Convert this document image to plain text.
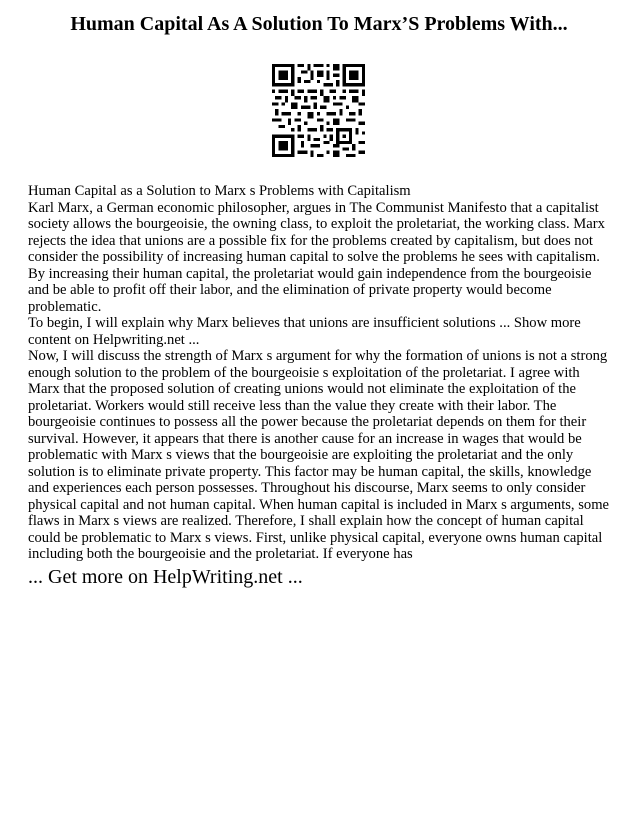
Human Capital As A Solution To Marx’S Problems With...

Human Capital as a Solution to Marx s Problems with Capitalism

Karl Marx, a German economic philosopher, argues in The Communist Manifesto that a capitalist society allows the bourgeoisie, the owning class, to exploit the proletariat, the working class. Marx rejects the idea that unions are a possible fix for the problems created by capitalism, but does not consider the possibility of increasing human capital to solve the problems he sees with capitalism. By increasing their human capital, the proletariat would gain independence from the bourgeoisie and be able to profit off their labor, and the elimination of private property would become problematic.

To begin, I will explain why Marx believes that unions are insufficient solutions ... Show more content on Helpwriting.net ...

Now, I will discuss the strength of Marx s argument for why the formation of unions is not a strong enough solution to the problem of the bourgeoisie s exploitation of the proletariat. I agree with Marx that the proposed solution of creating unions would not eliminate the exploitation of the proletariat. Workers would still receive less than the value they create with their labor. The bourgeoisie continues to possess all the power because the proletariat depends on them for their survival. However, it appears that there is another cause for an increase in wages that would be problematic with Marx s views that the bourgeoisie are exploiting the proletariat and the only solution is to eliminate private property. This factor may be human capital, the skills, knowledge and experiences each person possesses. Throughout his discourse, Marx seems to only consider physical capital and not human capital. When human capital is included in Marx s arguments, some flaws in Marx s views are realized. Therefore, I shall explain how the concept of human capital could be problematic to Marx s views. First, unlike physical capital, everyone owns human capital including both the bourgeoisie and the proletariat. If everyone has

... Get more on HelpWriting.net ...
